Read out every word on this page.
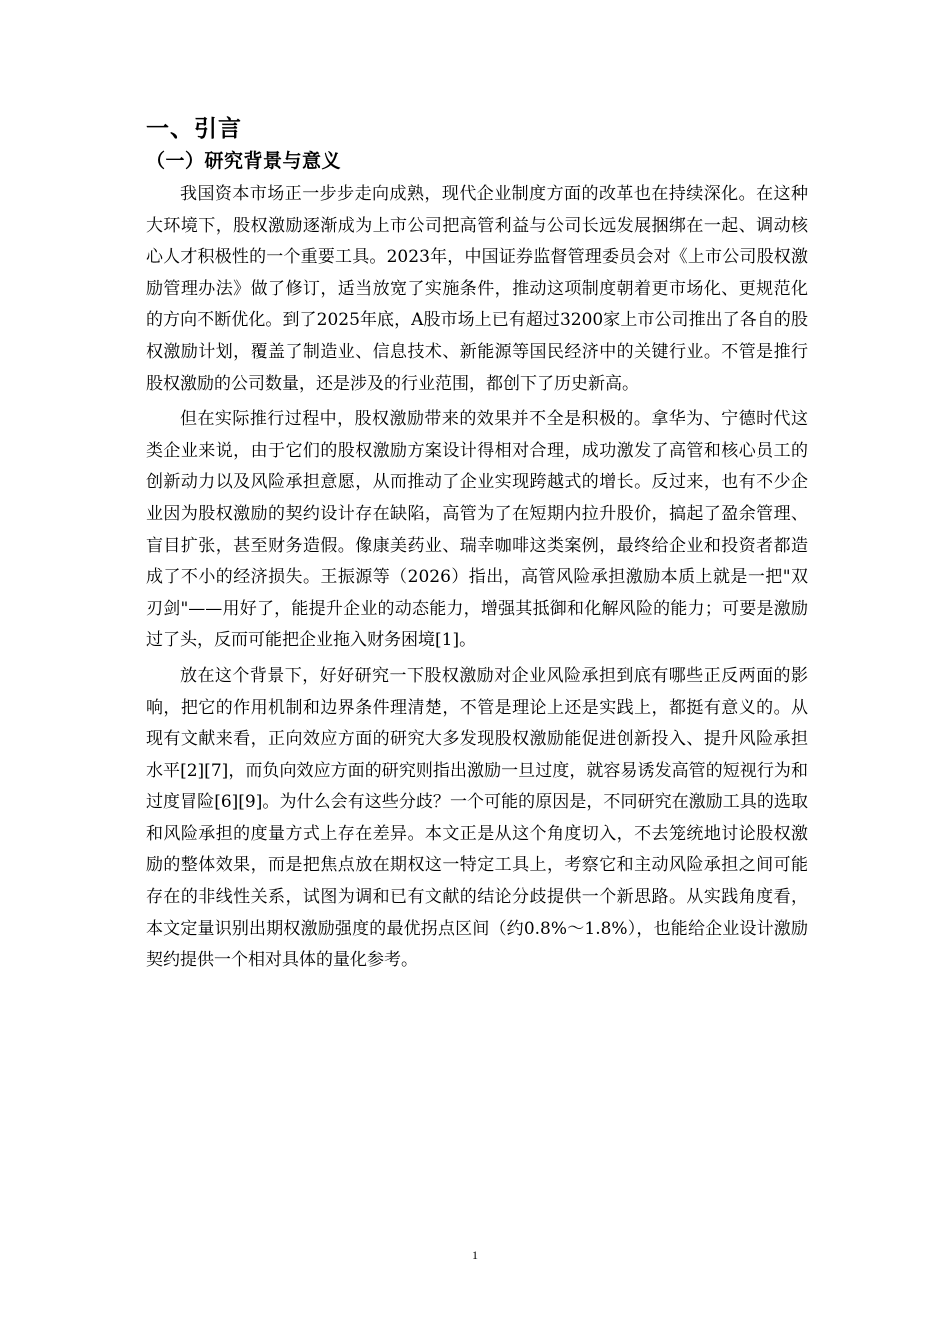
一、引言
（一）研究背景与意义

我国资本市场正一步步走向成熟，现代企业制度方面的改革也在持续深化。在这种大环境下，股权激励逐渐成为上市公司把高管利益与公司长远发展捆绑在一起、调动核心人才积极性的一个重要工具。2023年，中国证券监督管理委员会对《上市公司股权激励管理办法》做了修订，适当放宽了实施条件，推动这项制度朝着更市场化、更规范化的方向不断优化。到了2025年底，A股市场上已有超过3200家上市公司推出了各自的股权激励计划，覆盖了制造业、信息技术、新能源等国民经济中的关键行业。不管是推行股权激励的公司数量，还是涉及的行业范围，都创下了历史新高。

但在实际推行过程中，股权激励带来的效果并不全是积极的。拿华为、宁德时代这类企业来说，由于它们的股权激励方案设计得相对合理，成功激发了高管和核心员工的创新动力以及风险承担意愿，从而推动了企业实现跨越式的增长。反过来，也有不少企业因为股权激励的契约设计存在缺陷，高管为了在短期内拉升股价，搞起了盈余管理、盲目扩张，甚至财务造假。像康美药业、瑞幸咖啡这类案例，最终给企业和投资者都造成了不小的经济损失。王振源等（2026）指出，高管风险承担激励本质上就是一把"双刃剑"——用好了，能提升企业的动态能力，增强其抵御和化解风险的能力；可要是激励过了头，反而可能把企业拖入财务困境[1]。

放在这个背景下，好好研究一下股权激励对企业风险承担到底有哪些正反两面的影响，把它的作用机制和边界条件理清楚，不管是理论上还是实践上，都挺有意义的。从现有文献来看，正向效应方面的研究大多发现股权激励能促进创新投入、提升风险承担水平[2][7]，而负向效应方面的研究则指出激励一旦过度，就容易诱发高管的短视行为和过度冒险[6][9]。为什么会有这些分歧？一个可能的原因是，不同研究在激励工具的选取和风险承担的度量方式上存在差异。本文正是从这个角度切入，不去笼统地讨论股权激励的整体效果，而是把焦点放在期权这一特定工具上，考察它和主动风险承担之间可能存在的非线性关系，试图为调和已有文献的结论分歧提供一个新思路。从实践角度看，本文定量识别出期权激励强度的最优拐点区间（约0.8%～1.8%），也能给企业设计激励契约提供一个相对具体的量化参考。

1
